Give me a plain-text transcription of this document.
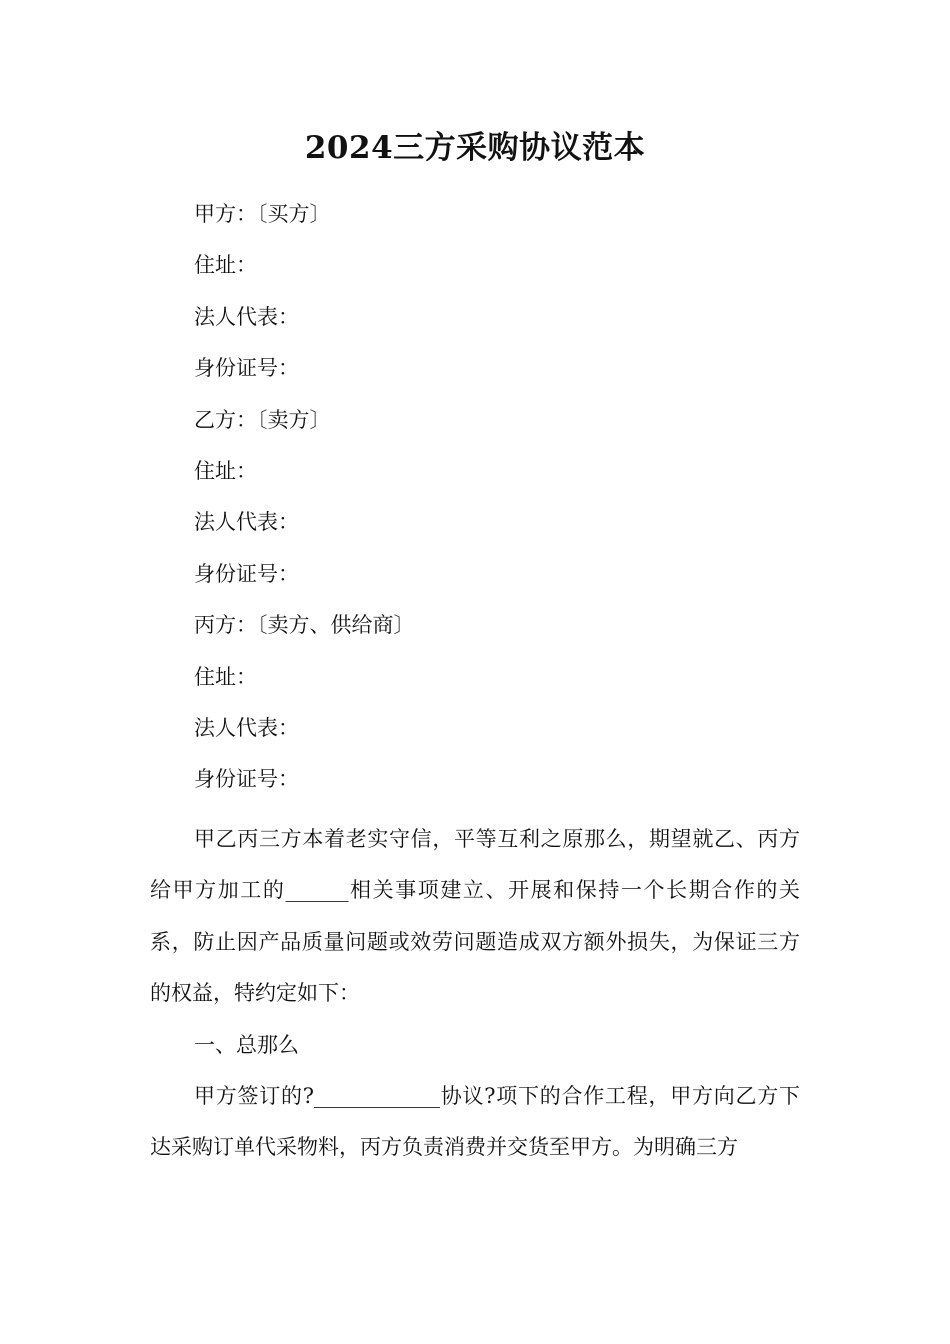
2024三方采购协议范本
甲方：〔买方〕
住址：
法人代表：
身份证号：
乙方：〔卖方〕
住址：
法人代表：
身份证号：
丙方：〔卖方、供给商〕
住址：
法人代表：
身份证号：

甲乙丙三方本着老实守信，平等互利之原那么，期望就乙、丙方给甲方加工的______相关事项建立、开展和保持一个长期合作的关系，防止因产品质量问题或效劳问题造成双方额外损失，为保证三方的权益，特约定如下：

一、总那么

甲方签订的?____________协议?项下的合作工程，甲方向乙方下达采购订单代采物料，丙方负责消费并交货至甲方。为明确三方
